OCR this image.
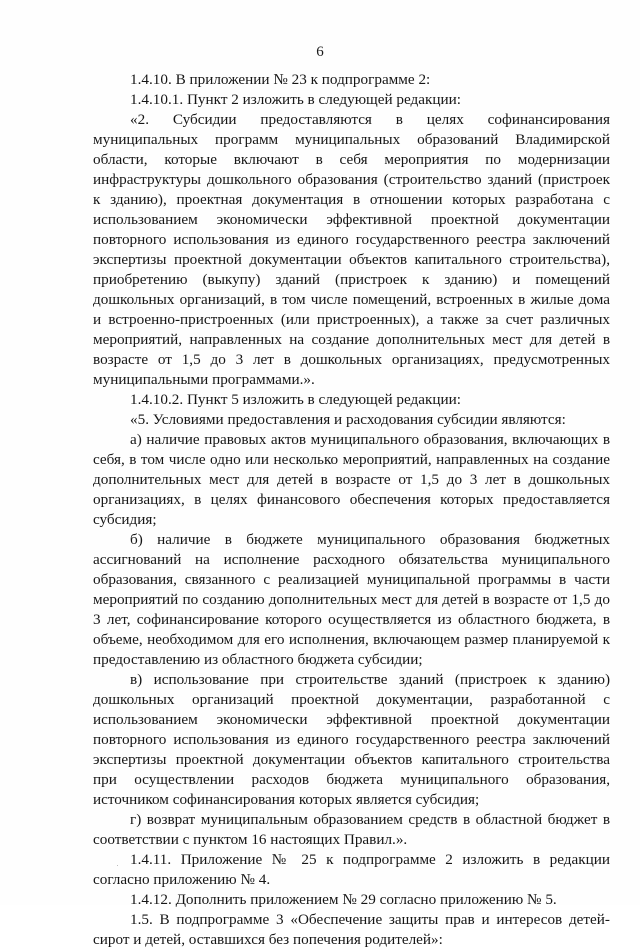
6

1.4.10. В приложении № 23 к подпрограмме 2:

1.4.10.1. Пункт 2 изложить в следующей редакции:

«2. Субсидии предоставляются в целях софинансирования муниципальных программ муниципальных образований Владимирской области, которые включают в себя мероприятия по модернизации инфраструктуры дошкольного образования (строительство зданий (пристроек к зданию), проектная документация в отношении которых разработана с использованием экономически эффективной проектной документации повторного использования из единого государственного реестра заключений экспертизы проектной документации объектов капитального строительства), приобретению (выкупу) зданий (пристроек к зданию) и помещений дошкольных организаций, в том числе помещений, встроенных в жилые дома и встроенно-пристроенных (или пристроенных), а также за счет различных мероприятий, направленных на создание дополнительных мест для детей в возрасте от 1,5 до 3 лет в дошкольных организациях, предусмотренных муниципальными программами.».

1.4.10.2. Пункт 5 изложить в следующей редакции:

«5. Условиями предоставления и расходования субсидии являются:

а) наличие правовых актов муниципального образования, включающих в себя, в том числе одно или несколько мероприятий, направленных на создание дополнительных мест для детей в возрасте от 1,5 до 3 лет в дошкольных организациях, в целях финансового обеспечения которых предоставляется субсидия;

б) наличие в бюджете муниципального образования бюджетных ассигнований на исполнение расходного обязательства муниципального образования, связанного с реализацией муниципальной программы в части мероприятий по созданию дополнительных мест для детей в возрасте от 1,5 до 3 лет, софинансирование которого осуществляется из областного бюджета, в объеме, необходимом для его исполнения, включающем размер планируемой к предоставлению из областного бюджета субсидии;

в) использование при строительстве зданий (пристроек к зданию) дошкольных организаций проектной документации, разработанной с использованием экономически эффективной проектной документации повторного использования из единого государственного реестра заключений экспертизы проектной документации объектов капитального строительства при осуществлении расходов бюджета муниципального образования, источником софинансирования которых является субсидия;

г) возврат муниципальным образованием средств в областной бюджет в соответствии с пунктом 16 настоящих Правил.».

1.4.11. Приложение № 25 к подпрограмме 2 изложить в редакции согласно приложению № 4.

1.4.12. Дополнить приложением № 29 согласно приложению № 5.

1.5. В подпрограмме 3 «Обеспечение защиты прав и интересов детей-сирот и детей, оставшихся без попечения родителей»:
